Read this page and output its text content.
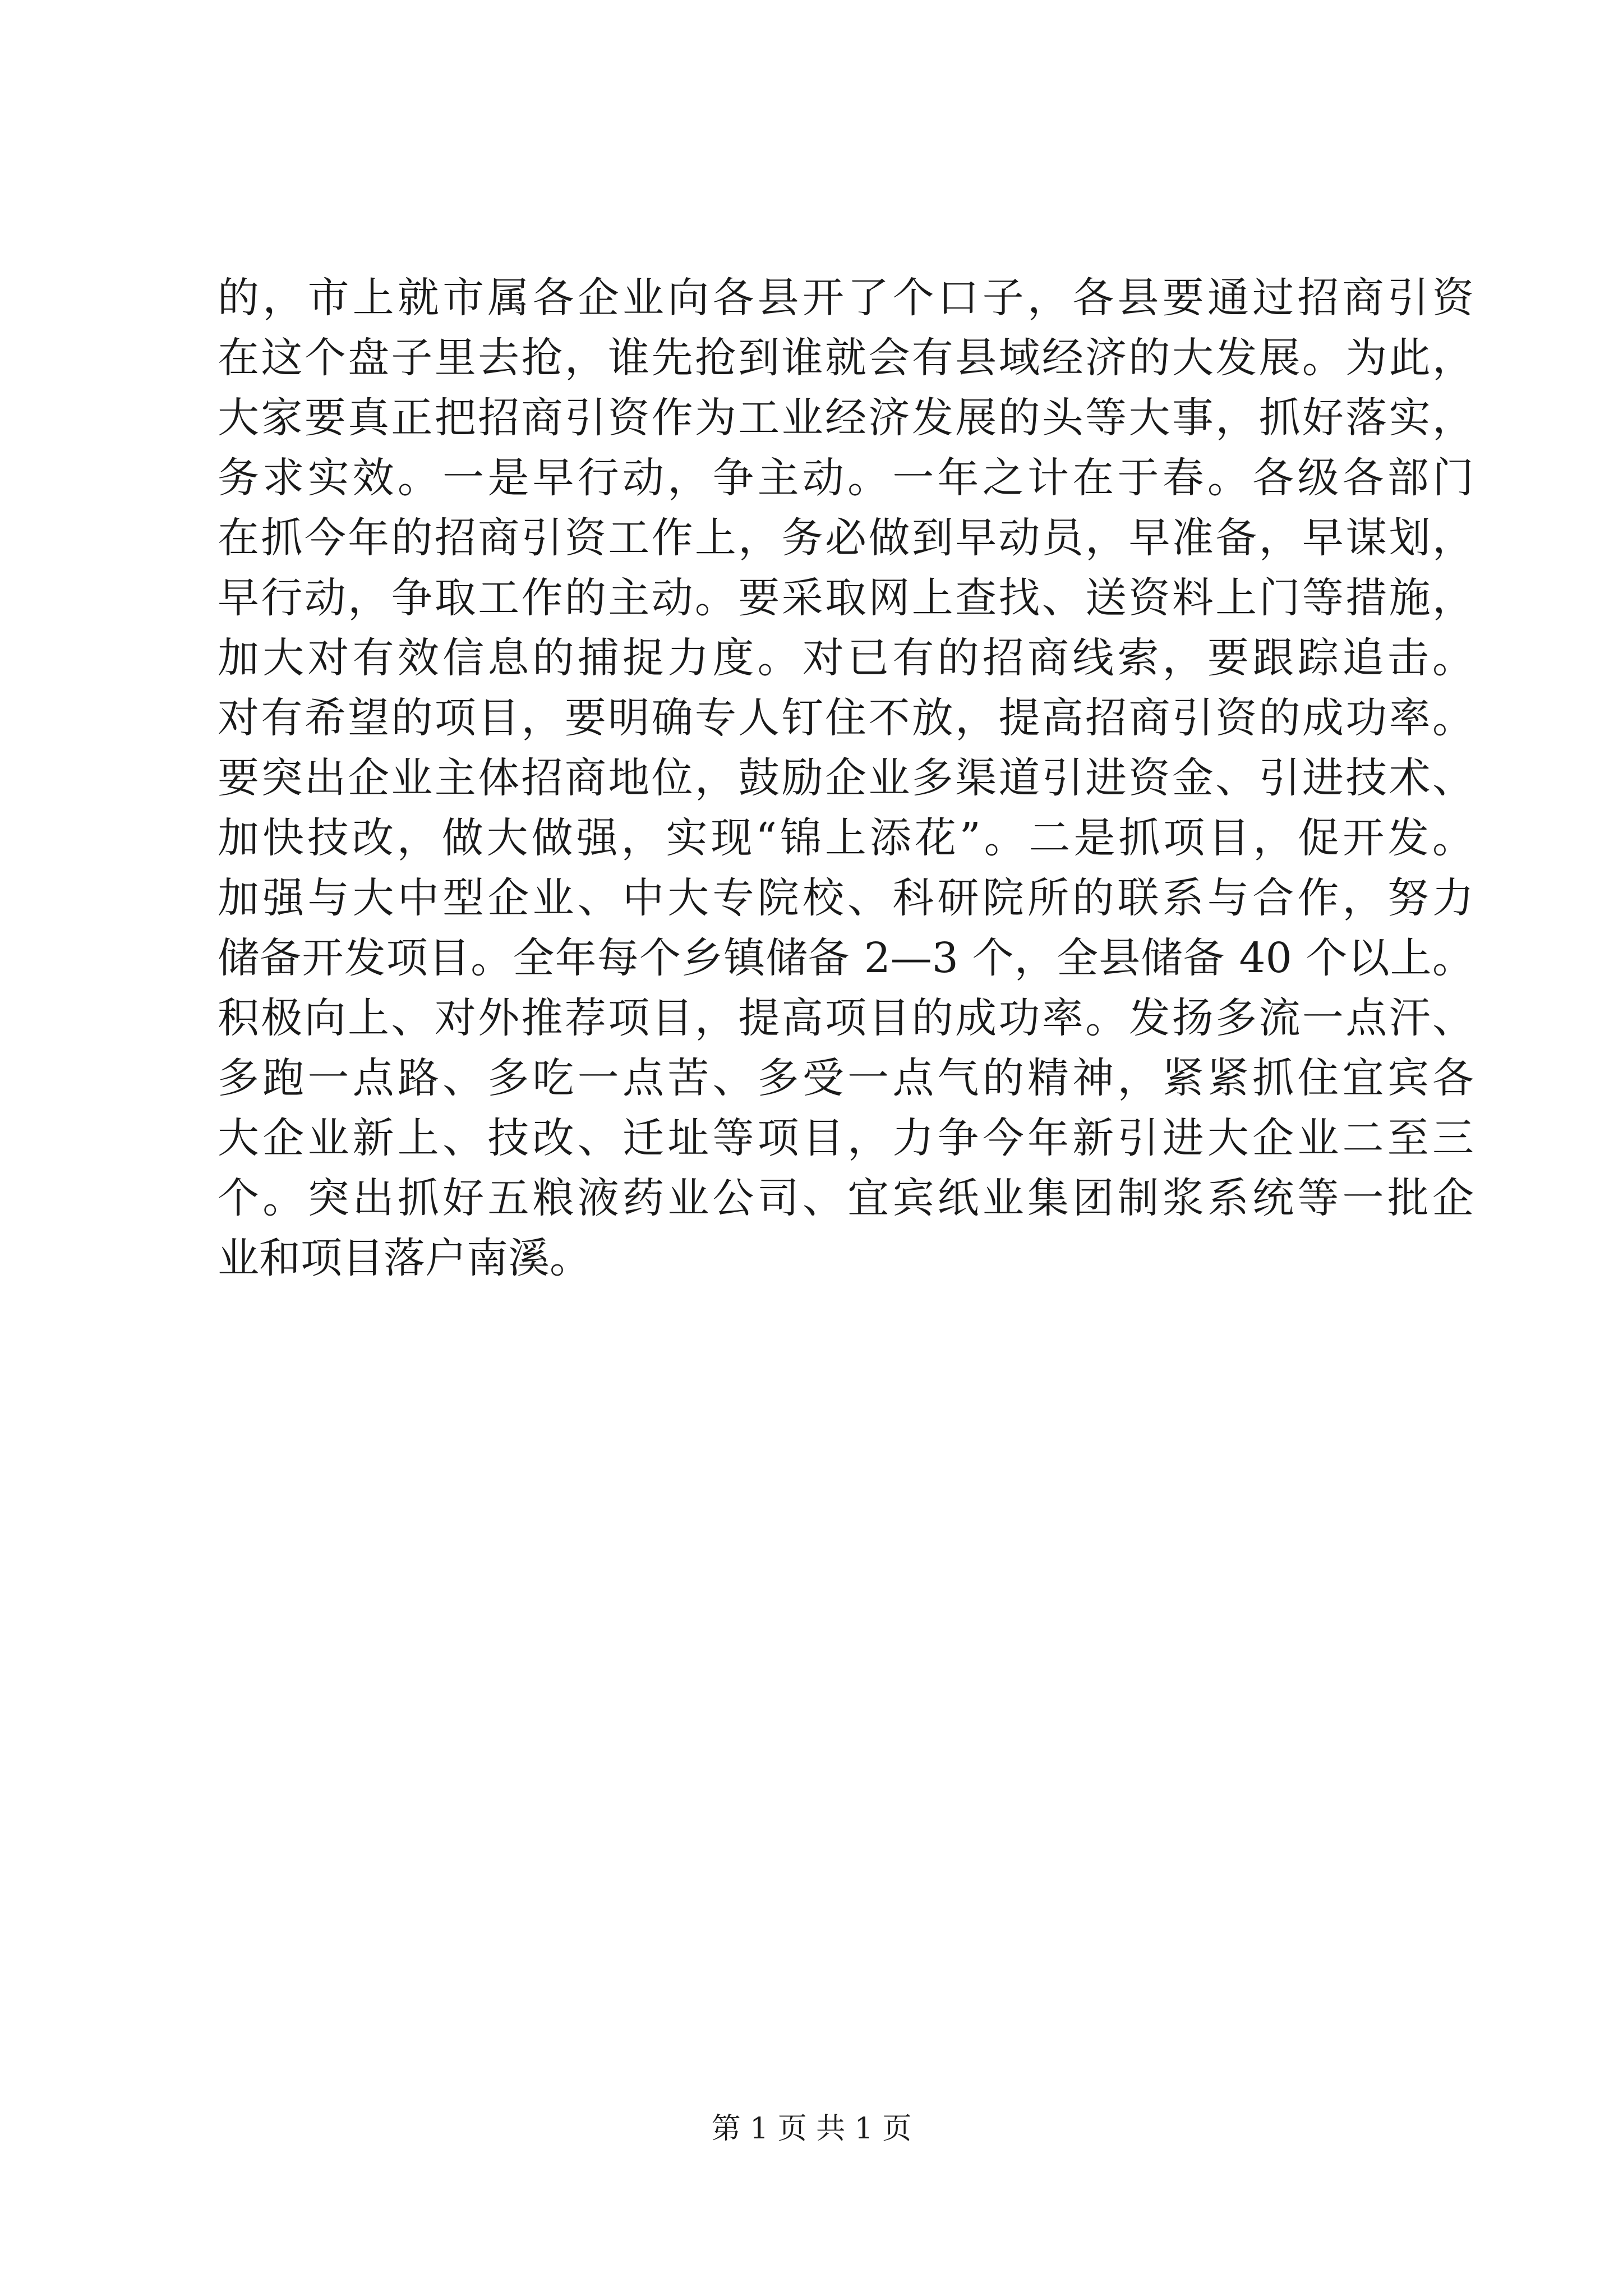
的，市上就市属各企业向各县开了个口子，各县要通过招商引资
在这个盘子里去抢，谁先抢到谁就会有县域经济的大发展。为此，
大家要真正把招商引资作为工业经济发展的头等大事，抓好落实，
务求实效。一是早行动，争主动。一年之计在于春。各级各部门
在抓今年的招商引资工作上，务必做到早动员，早准备，早谋划，
早行动，争取工作的主动。要采取网上查找、送资料上门等措施，
加大对有效信息的捕捉力度。对已有的招商线索，要跟踪追击。
对有希望的项目，要明确专人钉住不放，提高招商引资的成功率。
要突出企业主体招商地位，鼓励企业多渠道引进资金、引进技术、
加快技改，做大做强，实现“锦上添花”。二是抓项目，促开发。
加强与大中型企业、中大专院校、科研院所的联系与合作，努力
储备开发项目。全年每个乡镇储备 2—3 个，全县储备 40 个以上。
积极向上、对外推荐项目，提高项目的成功率。发扬多流一点汗、
多跑一点路、多吃一点苦、多受一点气的精神，紧紧抓住宜宾各
大企业新上、技改、迁址等项目，力争今年新引进大企业二至三
个。突出抓好五粮液药业公司、宜宾纸业集团制浆系统等一批企
业和项目落户南溪。
第 1 页 共 1 页
